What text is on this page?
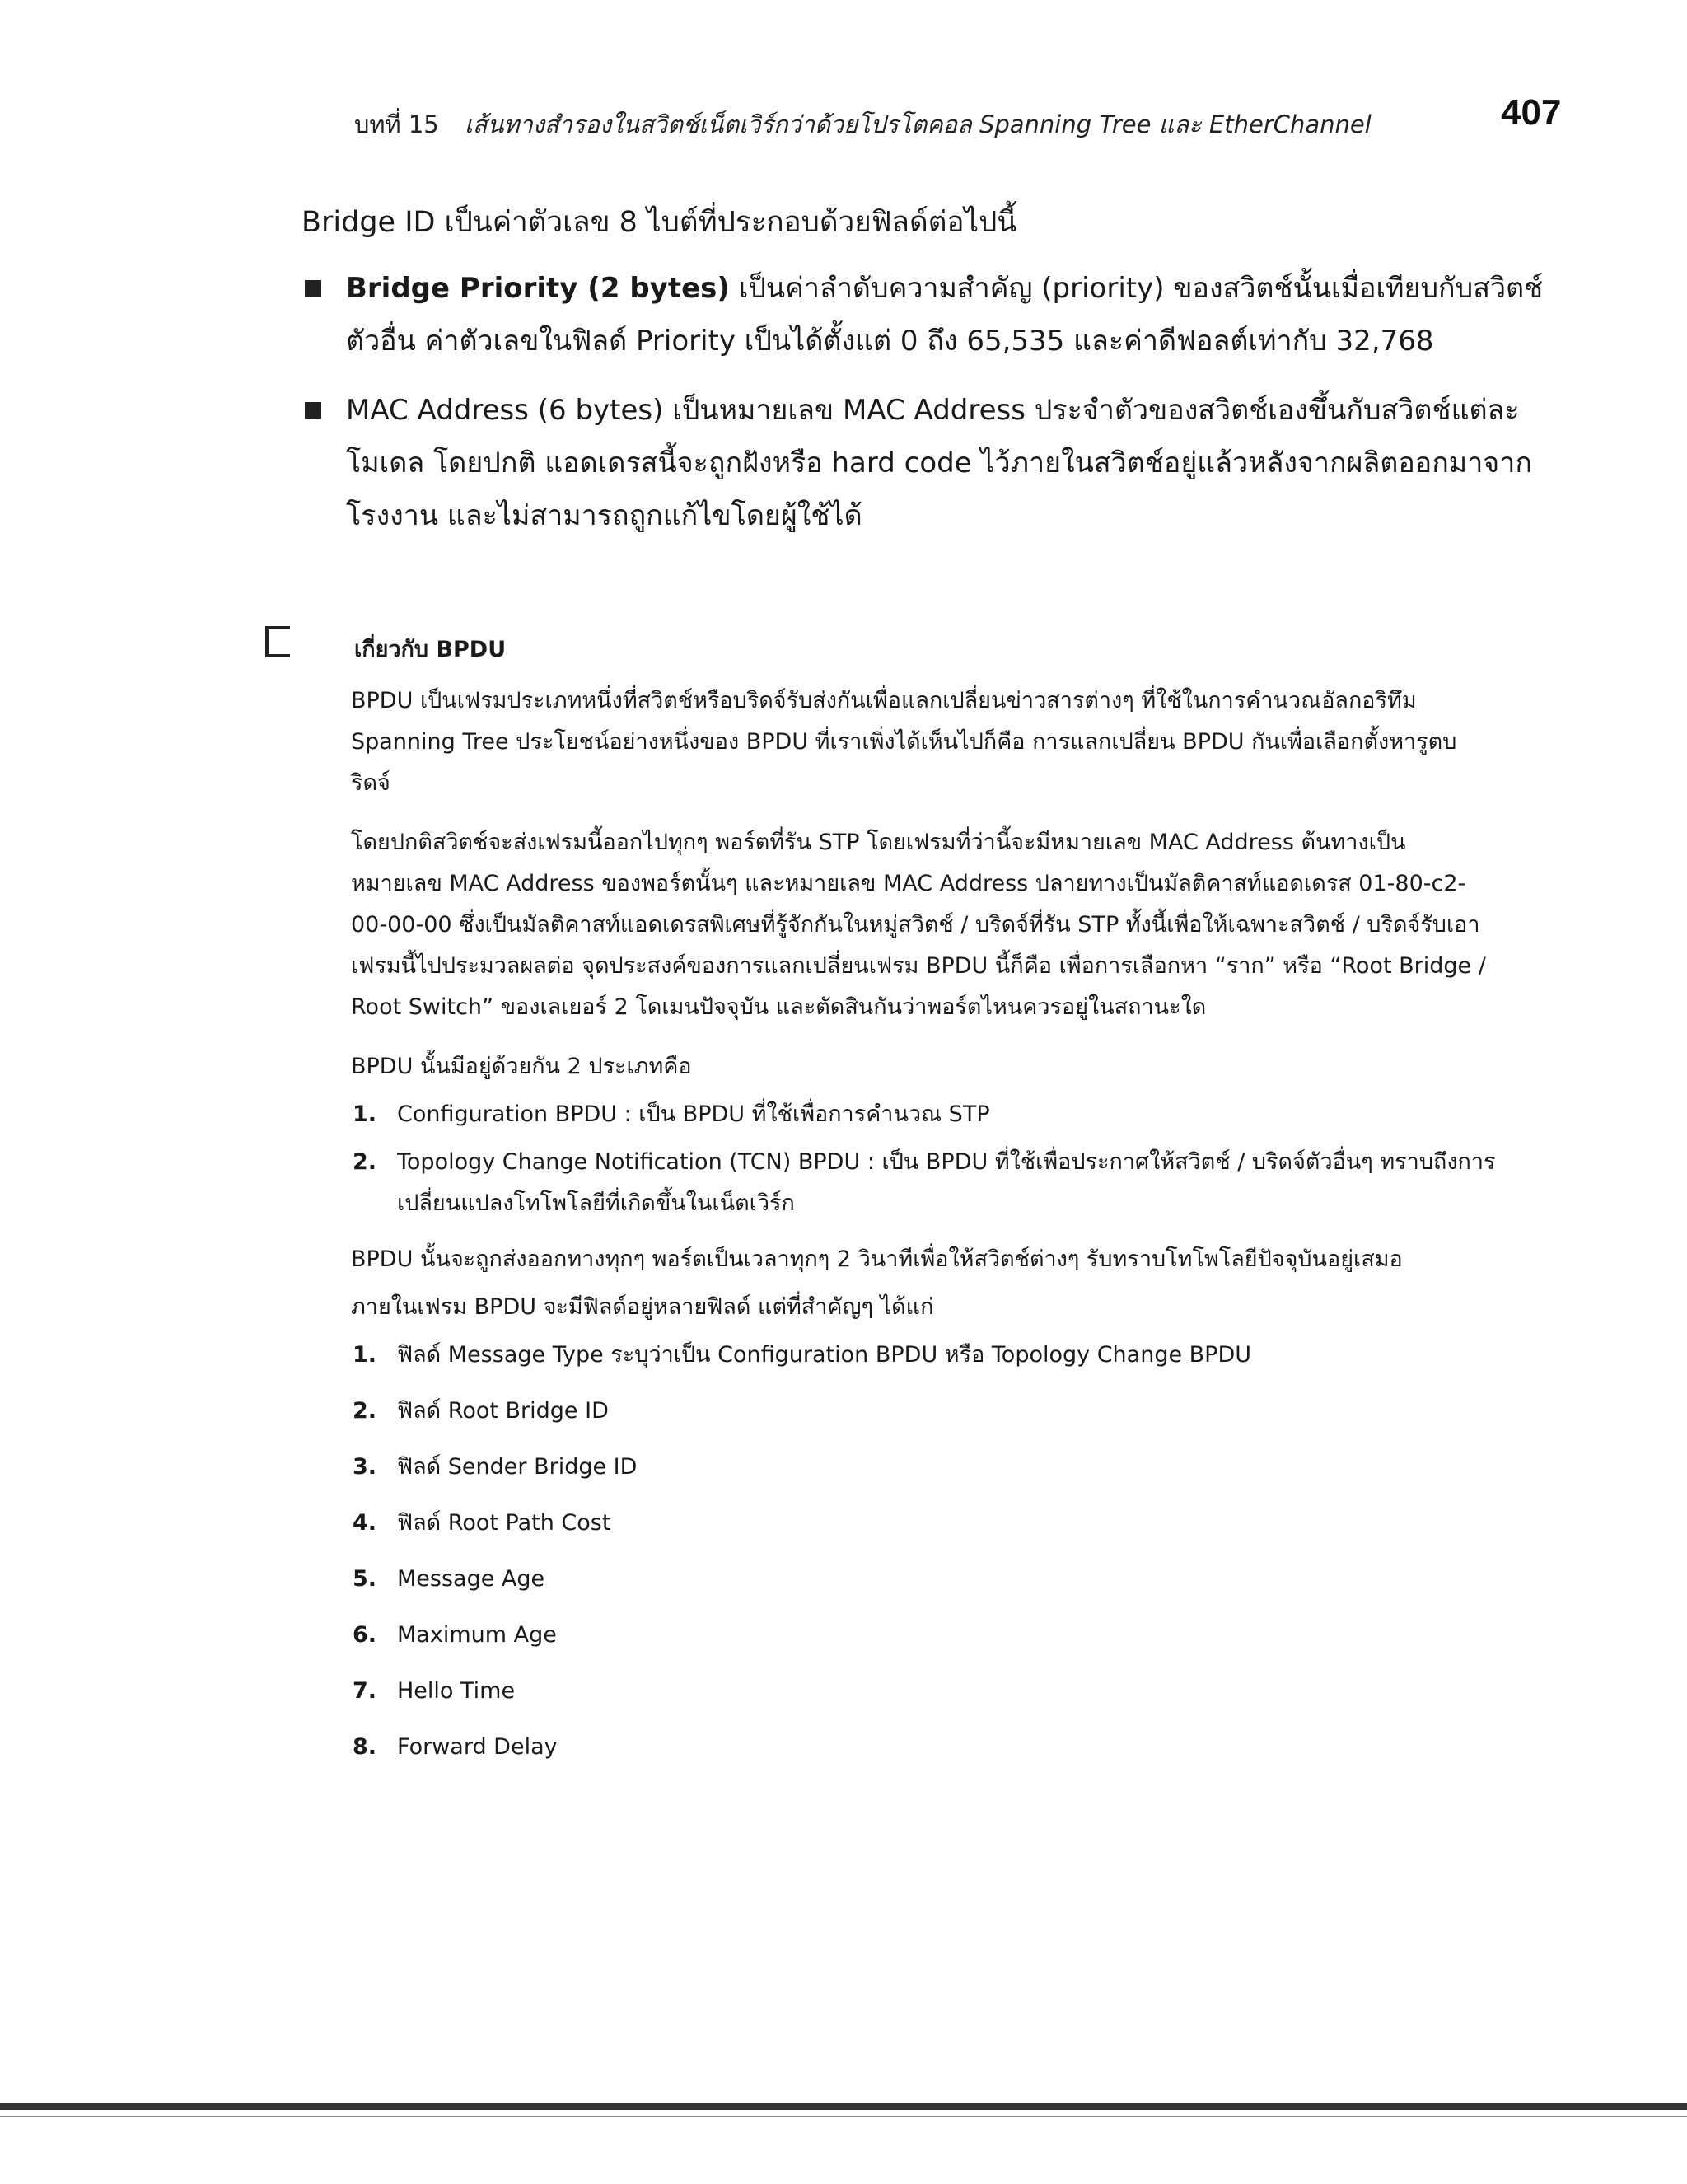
บทที่ 15 เส้นทางสำรองในสวิตช์เน็ตเวิร์กว่าด้วยโปรโตคอล Spanning Tree และ EtherChannel	407
Bridge ID เป็นค่าตัวเลข 8 ไบต์ที่ประกอบด้วยฟิลด์ต่อไปนี้
Bridge Priority (2 bytes) เป็นค่าลำดับความสำคัญ (priority) ของสวิตช์นั้นเมื่อเทียบกับสวิตช์ตัวอื่น ค่าตัวเลขในฟิลด์ Priority เป็นได้ตั้งแต่ 0 ถึง 65,535 และค่าดีฟอลต์เท่ากับ 32,768
MAC Address (6 bytes) เป็นหมายเลข MAC Address ประจำตัวของสวิตช์เองขึ้นกับสวิตช์แต่ละโมเดล โดยปกติ แอดเดรสนี้จะถูกฝังหรือ hard code ไว้ภายในสวิตช์อยู่แล้วหลังจากผลิตออกมาจากโรงงาน และไม่สามารถถูกแก้ไขโดยผู้ใช้ได้
เกี่ยวกับ BPDU

BPDU เป็นเฟรมประเภทหนึ่งที่สวิตช์หรือบริดจ์รับส่งกันเพื่อแลกเปลี่ยนข่าวสารต่างๆ ที่ใช้ในการคำนวณอัลกอริทึม Spanning Tree ประโยชน์อย่างหนึ่งของ BPDU ที่เราเพิ่งได้เห็นไปก็คือ การแลกเปลี่ยน BPDU กันเพื่อเลือกตั้งหารูตบริดจ์

โดยปกติสวิตช์จะส่งเฟรมนี้ออกไปทุกๆ พอร์ตที่รัน STP โดยเฟรมที่ว่านี้จะมีหมายเลข MAC Address ต้นทางเป็นหมายเลข MAC Address ของพอร์ตนั้นๆ และหมายเลข MAC Address ปลายทางเป็นมัลติคาสท์แอดเดรส 01-80-c2-00-00-00 ซึ่งเป็นมัลติคาสท์แอดเดรสพิเศษที่รู้จักกันในหมู่สวิตช์ / บริดจ์ที่รัน STP ทั้งนี้เพื่อให้เฉพาะสวิตช์ / บริดจ์รับเอาเฟรมนี้ไปประมวลผลต่อ จุดประสงค์ของการแลกเปลี่ยนเฟรม BPDU นี้ก็คือ เพื่อการเลือกหา “ราก” หรือ “Root Bridge / Root Switch” ของเลเยอร์ 2 โดเมนปัจจุบัน และตัดสินกันว่าพอร์ตไหนควรอยู่ในสถานะใด

BPDU นั้นมีอยู่ด้วยกัน 2 ประเภทคือ

1. Configuration BPDU : เป็น BPDU ที่ใช้เพื่อการคำนวณ STP
2. Topology Change Notification (TCN) BPDU : เป็น BPDU ที่ใช้เพื่อประกาศให้สวิตช์ / บริดจ์ตัวอื่นๆ ทราบถึงการเปลี่ยนแปลงโทโพโลยีที่เกิดขึ้นในเน็ตเวิร์ก

BPDU นั้นจะถูกส่งออกทางทุกๆ พอร์ตเป็นเวลาทุกๆ 2 วินาทีเพื่อให้สวิตช์ต่างๆ รับทราบโทโพโลยีปัจจุบันอยู่เสมอ

ภายในเฟรม BPDU จะมีฟิลด์อยู่หลายฟิลด์ แต่ที่สำคัญๆ ได้แก่

1. ฟิลด์ Message Type ระบุว่าเป็น Configuration BPDU หรือ Topology Change BPDU
2. ฟิลด์ Root Bridge ID
3. ฟิลด์ Sender Bridge ID
4. ฟิลด์ Root Path Cost
5. Message Age
6. Maximum Age
7. Hello Time
8. Forward Delay
